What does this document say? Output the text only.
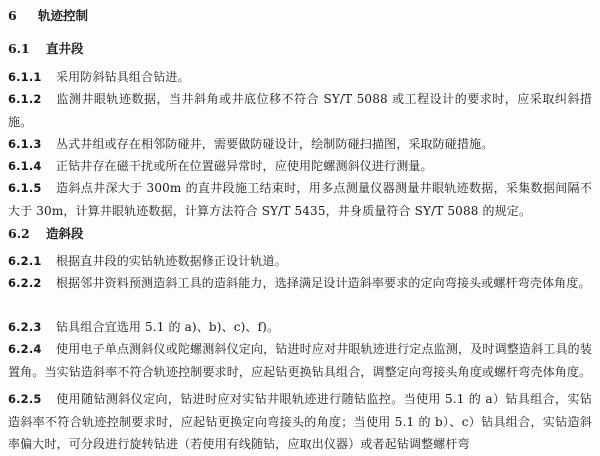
6 轨迹控制
6.1 直井段
6.1.1 采用防斜钻具组合钻进。
6.1.2 监测井眼轨迹数据，当井斜角或井底位移不符合 SY/T 5088 或工程设计的要求时，应采取纠斜措施。
6.1.3 丛式井组或存在相邻防碰井，需要做防碰设计，绘制防碰扫描图，采取防碰措施。
6.1.4 正钻井存在磁干扰或所在位置磁异常时，应使用陀螺测斜仪进行测量。
6.1.5 造斜点井深大于 300m 的直井段施工结束时，用多点测量仪器测量井眼轨迹数据，采集数据间隔不大于 30m，计算井眼轨迹数据，计算方法符合 SY/T 5435，井身质量符合 SY/T 5088 的规定。
6.2 造斜段
6.2.1 根据直井段的实钻轨迹数据修正设计轨道。
6.2.2 根据邻井资料预测造斜工具的造斜能力，选择满足设计造斜率要求的定向弯接头或螺杆弯壳体角度。
6.2.3 钻具组合宜选用 5.1 的 a)、b)、c)、f)。
6.2.4 使用电子单点测斜仪或陀螺测斜仪定向，钻进时应对井眼轨迹进行定点监测，及时调整造斜工具的装置角。当实钻造斜率不符合轨迹控制要求时，应起钻更换钻具组合，调整定向弯接头角度或螺杆弯壳体角度。
6.2.5 使用随钻测斜仪定向，钻进时应对实钻井眼轨迹进行随钻监控。当使用 5.1 的 a）钻具组合，实钻造斜率不符合轨迹控制要求时，应起钻更换定向弯接头的角度；当使用 5.1 的 b）、c）钻具组合，实钻造斜率偏大时，可分段进行旋转钻进（若使用有线随钻，应取出仪器）或者起钻调整螺杆弯
